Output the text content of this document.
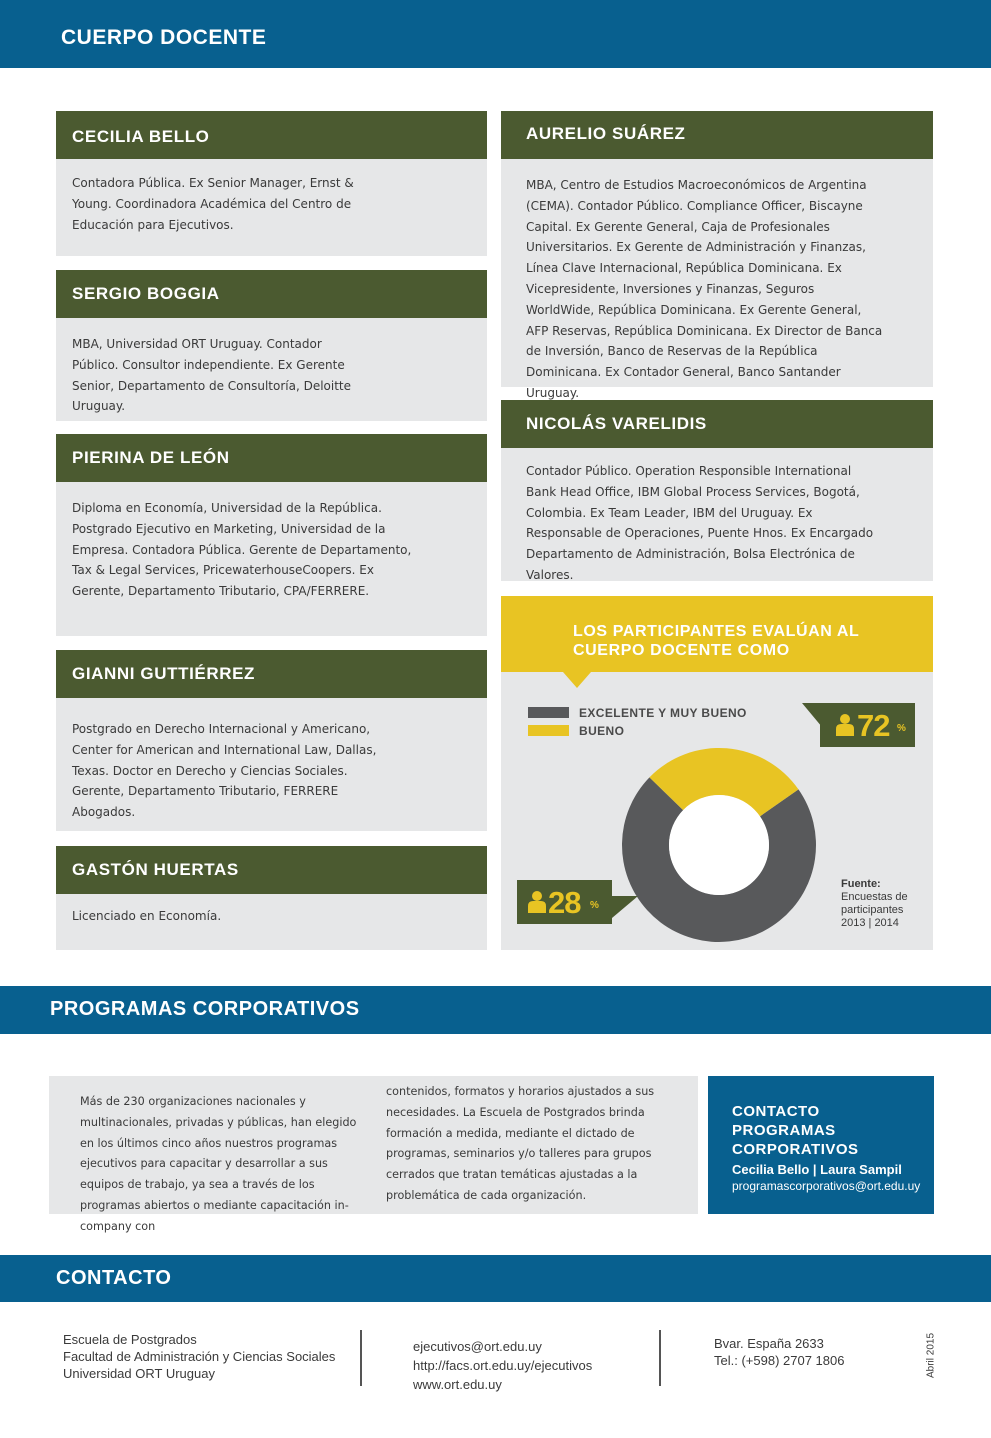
CUERPO DOCENTE
CECILIA BELLO
Contadora Pública. Ex Senior Manager, Ernst & Young. Coordinadora Académica del Centro de Educación para Ejecutivos.
SERGIO BOGGIA
MBA, Universidad ORT Uruguay. Contador Público. Consultor independiente. Ex Gerente Senior, Departamento de Consultoría, Deloitte Uruguay.
PIERINA DE LEÓN
Diploma en Economía, Universidad de la República. Postgrado Ejecutivo en Marketing, Universidad de la Empresa. Contadora Pública. Gerente de Departamento, Tax & Legal Services, PricewaterhouseCoopers. Ex Gerente, Departamento Tributario, CPA/FERRERE.
GIANNI GUTTIÉRREZ
Postgrado en Derecho Internacional y Americano, Center for American and International Law, Dallas, Texas. Doctor en Derecho y Ciencias Sociales. Gerente, Departamento Tributario, FERRERE Abogados.
GASTÓN HUERTAS
Licenciado en Economía.
AURELIO SUÁREZ
MBA, Centro de Estudios Macroeconómicos de Argentina (CEMA). Contador Público. Compliance Officer, Biscayne Capital. Ex Gerente General, Caja de Profesionales Universitarios. Ex Gerente de Administración y Finanzas, Línea Clave Internacional, República Dominicana. Ex Vicepresidente, Inversiones y Finanzas, Seguros WorldWide, República Dominicana. Ex Gerente General, AFP Reservas, República Dominicana. Ex Director de Banca de Inversión, Banco de Reservas de la República Dominicana. Ex Contador General, Banco Santander Uruguay.
NICOLÁS VARELIDIS
Contador Público. Operation Responsible International Bank Head Office, IBM Global Process Services, Bogotá, Colombia. Ex Team Leader, IBM del Uruguay. Ex Responsable de Operaciones, Puente Hnos. Ex Encargado Departamento de Administración, Bolsa Electrónica de Valores.
LOS PARTICIPANTES EVALÚAN AL CUERPO DOCENTE COMO
EXCELENTE Y MUY BUENO
BUENO	72 %
28 %
Fuente:
Encuestas de
participantes
2013 | 2014
PROGRAMAS CORPORATIVOS
Más de 230 organizaciones nacionales y multinacionales, privadas y públicas, han elegido en los últimos cinco años nuestros programas ejecutivos para capacitar y desarrollar a sus equipos de trabajo, ya sea a través de los programas abiertos o mediante capacitación in-company con
contenidos, formatos y horarios ajustados a sus necesidades. La Escuela de Postgrados brinda formación a medida, mediante el dictado de programas, seminarios y/o talleres para grupos cerrados que tratan temáticas ajustadas a la problemática de cada organización.
CONTACTO PROGRAMAS CORPORATIVOS
Cecilia Bello | Laura Sampil
programascorporativos@ort.edu.uy
CONTACTO
Escuela de Postgrados
Facultad de Administración y Ciencias Sociales
Universidad ORT Uruguay
ejecutivos@ort.edu.uy
http://facs.ort.edu.uy/ejecutivos
www.ort.edu.uy
Bvar. España 2633
Tel.: (+598) 2707 1806	Abril 2015
